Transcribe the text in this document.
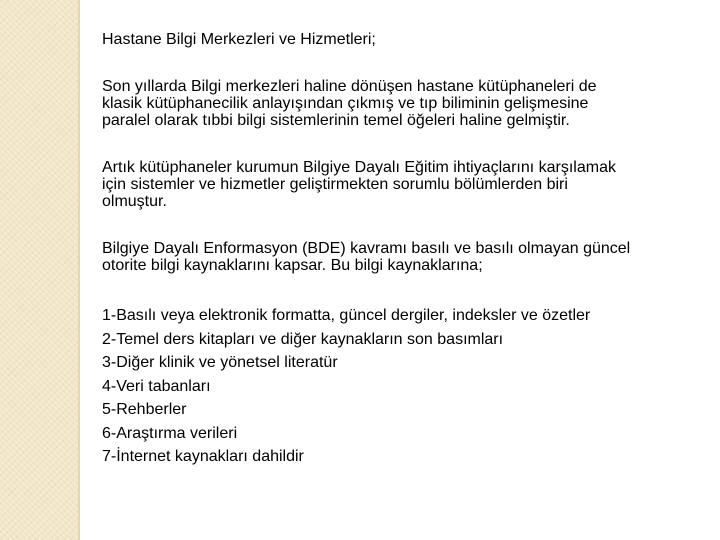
Hastane Bilgi Merkezleri ve Hizmetleri;

Son yıllarda Bilgi merkezleri haline dönüşen hastane kütüphaneleri de
klasik kütüphanecilik anlayışından çıkmış ve tıp biliminin gelişmesine
paralel olarak tıbbi bilgi sistemlerinin temel öğeleri haline gelmiştir.

Artık kütüphaneler kurumun Bilgiye Dayalı Eğitim ihtiyaçlarını karşılamak
için sistemler ve hizmetler geliştirmekten sorumlu bölümlerden biri
olmuştur.

Bilgiye Dayalı Enformasyon (BDE) kavramı basılı ve basılı olmayan güncel
otorite bilgi kaynaklarını kapsar. Bu bilgi kaynaklarına;

1-Basılı veya elektronik formatta, güncel dergiler, indeksler ve özetler
2-Temel ders kitapları ve diğer kaynakların son basımları
3-Diğer klinik ve yönetsel literatür
4-Veri tabanları
5-Rehberler
6-Araştırma verileri
7-İnternet kaynakları dahildir
